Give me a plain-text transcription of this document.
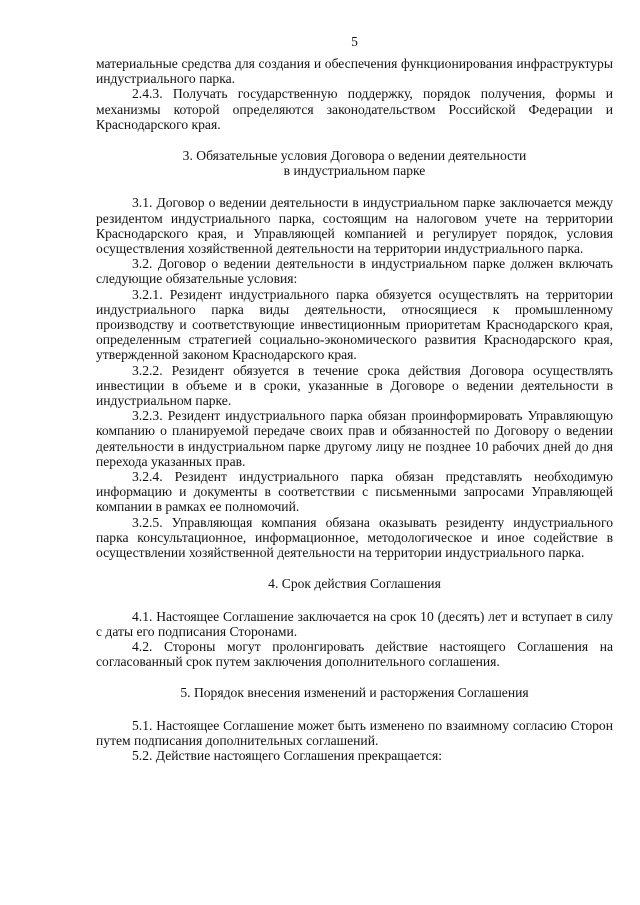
5

материальные средства для создания и обеспечения функционирования инфраструктуры индустриального парка.

2.4.3. Получать государственную поддержку, порядок получения, формы и механизмы которой определяются законодательством Российской Федерации и Краснодарского края.

3. Обязательные условия Договора о ведении деятельности
в индустриальном парке

3.1. Договор о ведении деятельности в индустриальном парке заключается между резидентом индустриального парка, состоящим на налоговом учете на территории Краснодарского края, и Управляющей компанией и регулирует порядок, условия осуществления хозяйственной деятельности на территории индустриального парка.

3.2. Договор о ведении деятельности в индустриальном парке должен включать следующие обязательные условия:

3.2.1. Резидент индустриального парка обязуется осуществлять на территории индустриального парка виды деятельности, относящиеся к промышленному производству и соответствующие инвестиционным приоритетам Краснодарского края, определенным стратегией социально-экономического развития Краснодарского края, утвержденной законом Краснодарского края.

3.2.2. Резидент обязуется в течение срока действия Договора осуществлять инвестиции в объеме и в сроки, указанные в Договоре о ведении деятельности в индустриальном парке.

3.2.3. Резидент индустриального парка обязан проинформировать Управляющую компанию о планируемой передаче своих прав и обязанностей по Договору о ведении деятельности в индустриальном парке другому лицу не позднее 10 рабочих дней до дня перехода указанных прав.

3.2.4. Резидент индустриального парка обязан представлять необходимую информацию и документы в соответствии с письменными запросами Управляющей компании в рамках ее полномочий.

3.2.5. Управляющая компания обязана оказывать резиденту индустриального парка консультационное, информационное, методологическое и иное содействие в осуществлении хозяйственной деятельности на территории индустриального парка.

4. Срок действия Соглашения

4.1. Настоящее Соглашение заключается на срок 10 (десять) лет и вступает в силу с даты его подписания Сторонами.

4.2. Стороны могут пролонгировать действие настоящего Соглашения на согласованный срок путем заключения дополнительного соглашения.

5. Порядок внесения изменений и расторжения Соглашения

5.1. Настоящее Соглашение может быть изменено по взаимному согласию Сторон путем подписания дополнительных соглашений.

5.2. Действие настоящего Соглашения прекращается:
